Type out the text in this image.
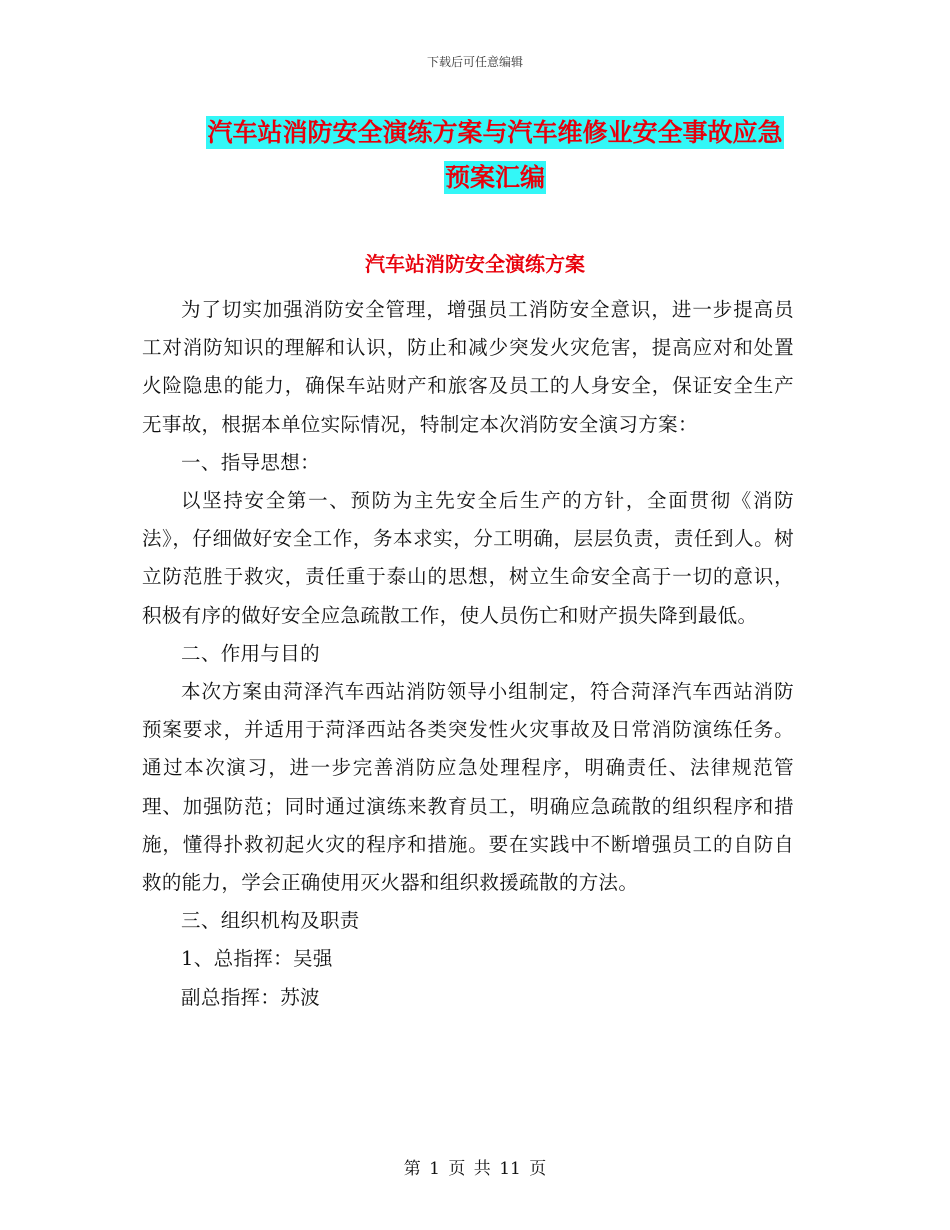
下载后可任意编辑
汽车站消防安全演练方案与汽车维修业安全事故应急
预案汇编
汽车站消防安全演练方案

为了切实加强消防安全管理，增强员工消防安全意识，进一步提高员工对消防知识的理解和认识，防止和减少突发火灾危害，提高应对和处置火险隐患的能力，确保车站财产和旅客及员工的人身安全，保证安全生产无事故，根据本单位实际情况，特制定本次消防安全演习方案：

一、指导思想：

以坚持安全第一、预防为主先安全后生产的方针，全面贯彻《消防法》，仔细做好安全工作，务本求实，分工明确，层层负责，责任到人。树立防范胜于救灾，责任重于泰山的思想，树立生命安全高于一切的意识，积极有序的做好安全应急疏散工作，使人员伤亡和财产损失降到最低。

二、作用与目的

本次方案由菏泽汽车西站消防领导小组制定，符合菏泽汽车西站消防预案要求，并适用于菏泽西站各类突发性火灾事故及日常消防演练任务。通过本次演习，进一步完善消防应急处理程序，明确责任、法律规范管理、加强防范；同时通过演练来教育员工，明确应急疏散的组织程序和措施，懂得扑救初起火灾的程序和措施。要在实践中不断增强员工的自防自救的能力，学会正确使用灭火器和组织救援疏散的方法。

三、组织机构及职责

1、总指挥：吴强

副总指挥：苏波

第 1 页 共 11 页
